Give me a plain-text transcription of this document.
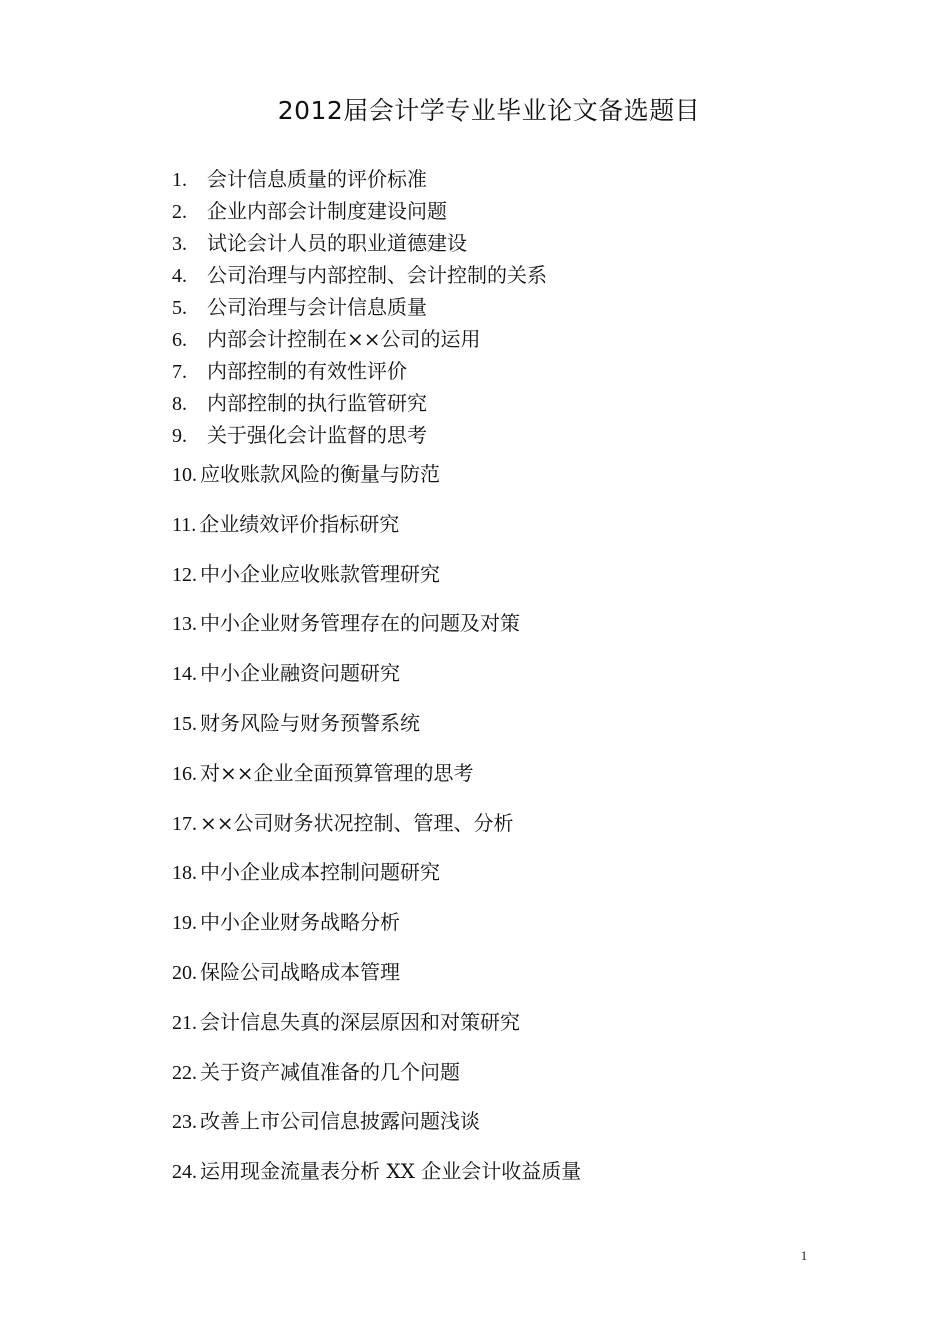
2012届会计学专业毕业论文备选题目
1.	会计信息质量的评价标准
2.	企业内部会计制度建设问题
3.	试论会计人员的职业道德建设
4.	公司治理与内部控制、会计控制的关系
5.	公司治理与会计信息质量
6.	内部会计控制在××公司的运用
7.	内部控制的有效性评价
8.	内部控制的执行监管研究
9.	关于强化会计监督的思考
10. 应收账款风险的衡量与防范
11. 企业绩效评价指标研究
12. 中小企业应收账款管理研究
13. 中小企业财务管理存在的问题及对策
14. 中小企业融资问题研究
15. 财务风险与财务预警系统
16. 对××企业全面预算管理的思考
17. ××公司财务状况控制、管理、分析
18. 中小企业成本控制问题研究
19. 中小企业财务战略分析
20. 保险公司战略成本管理
21. 会计信息失真的深层原因和对策研究
22. 关于资产减值准备的几个问题
23. 改善上市公司信息披露问题浅谈
24. 运用现金流量表分析 XX 企业会计收益质量
1
